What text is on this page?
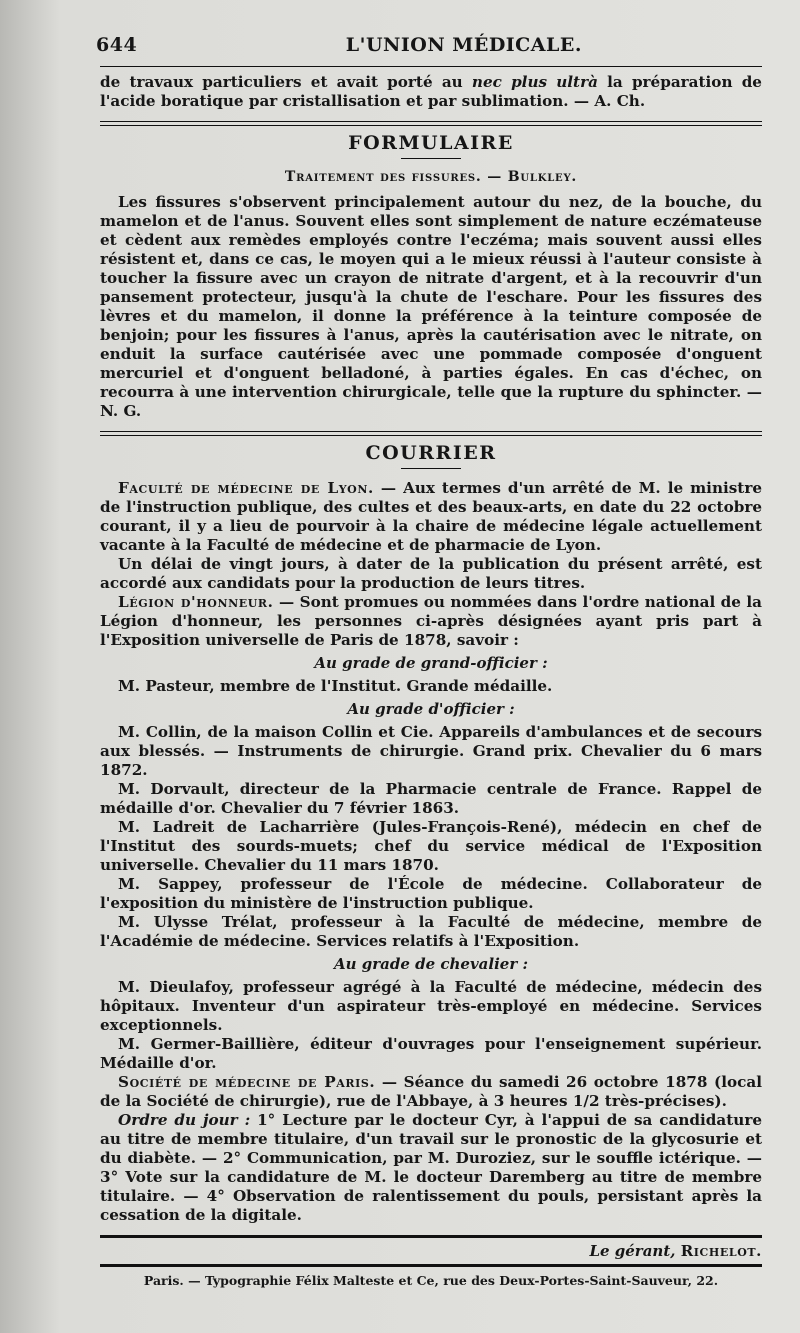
644	L'UNION MÉDICALE.

de travaux particuliers et avait porté au nec plus ultrà la préparation de l'acide boratique par cristallisation et par sublimation. — A. Ch.

FORMULAIRE
Traitement des fissures. — Bulkley.

Les fissures s'observent principalement autour du nez, de la bouche, du mamelon et de l'anus. Souvent elles sont simplement de nature eczémateuse et cèdent aux remèdes employés contre l'eczéma; mais souvent aussi elles résistent et, dans ce cas, le moyen qui a le mieux réussi à l'auteur consiste à toucher la fissure avec un crayon de nitrate d'argent, et à la recouvrir d'un pansement protecteur, jusqu'à la chute de l'eschare. Pour les fissures des lèvres et du mamelon, il donne la préférence à la teinture composée de benjoin; pour les fissures à l'anus, après la cautérisation avec le nitrate, on enduit la surface cautérisée avec une pommade composée d'onguent mercuriel et d'onguent belladoné, à parties égales. En cas d'échec, on recourra à une intervention chirurgicale, telle que la rupture du sphincter. — N. G.

COURRIER

Faculté de médecine de Lyon. — Aux termes d'un arrêté de M. le ministre de l'instruction publique, des cultes et des beaux-arts, en date du 22 octobre courant, il y a lieu de pourvoir à la chaire de médecine légale actuellement vacante à la Faculté de médecine et de pharmacie de Lyon.

Un délai de vingt jours, à dater de la publication du présent arrêté, est accordé aux candidats pour la production de leurs titres.

Légion d'honneur. — Sont promues ou nommées dans l'ordre national de la Légion d'honneur, les personnes ci-après désignées ayant pris part à l'Exposition universelle de Paris de 1878, savoir :

Au grade de grand-officier :

M. Pasteur, membre de l'Institut. Grande médaille.

Au grade d'officier :

M. Collin, de la maison Collin et Cie. Appareils d'ambulances et de secours aux blessés. — Instruments de chirurgie. Grand prix. Chevalier du 6 mars 1872.

M. Dorvault, directeur de la Pharmacie centrale de France. Rappel de médaille d'or. Chevalier du 7 février 1863.

M. Ladreit de Lacharrière (Jules-François-René), médecin en chef de l'Institut des sourds-muets; chef du service médical de l'Exposition universelle. Chevalier du 11 mars 1870.

M. Sappey, professeur de l'École de médecine. Collaborateur de l'exposition du ministère de l'instruction publique.

M. Ulysse Trélat, professeur à la Faculté de médecine, membre de l'Académie de médecine. Services relatifs à l'Exposition.

Au grade de chevalier :

M. Dieulafoy, professeur agrégé à la Faculté de médecine, médecin des hôpitaux. Inventeur d'un aspirateur très-employé en médecine. Services exceptionnels.

M. Germer-Baillière, éditeur d'ouvrages pour l'enseignement supérieur. Médaille d'or.

Société de médecine de Paris. — Séance du samedi 26 octobre 1878 (local de la Société de chirurgie), rue de l'Abbaye, à 3 heures 1/2 très-précises).

Ordre du jour : 1° Lecture par le docteur Cyr, à l'appui de sa candidature au titre de membre titulaire, d'un travail sur le pronostic de la glycosurie et du diabète. — 2° Communication, par M. Duroziez, sur le souffle ictérique. — 3° Vote sur la candidature de M. le docteur Daremberg au titre de membre titulaire. — 4° Observation de ralentissement du pouls, persistant après la cessation de la digitale.

Le gérant, Richelot.
Paris. — Typographie Félix Malteste et Ce, rue des Deux-Portes-Saint-Sauveur, 22.
